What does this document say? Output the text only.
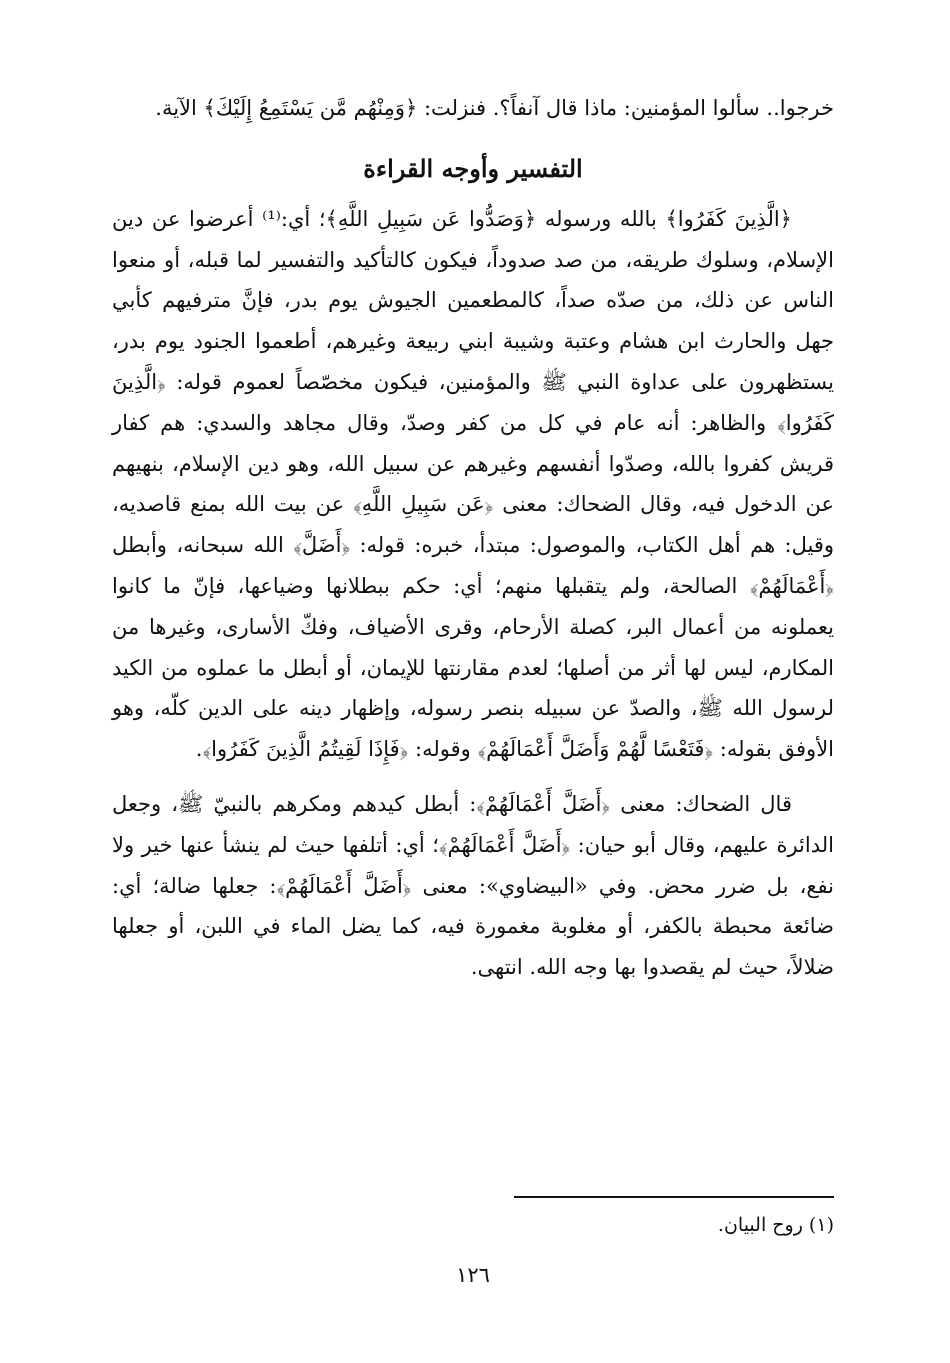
خرجوا.. سألوا المؤمنين: ماذا قال آنفاً؟. فنزلت: ﴿وَمِنْهُم مَّن يَسْتَمِعُ إِلَيْكَ﴾ الآية.

التفسير وأوجه القراءة

﴿الَّذِينَ كَفَرُوا﴾ بالله ورسوله ﴿وَصَدُّوا عَن سَبِيلِ اللَّهِ﴾؛ أي:⁽¹⁾ أعرضوا عن دين الإسلام، وسلوك طريقه، من صد صدوداً، فيكون كالتأكيد والتفسير لما قبله، أو منعوا الناس عن ذلك، من صدّه صداً، كالمطعمين الجيوش يوم بدر، فإنَّ مترفيهم كأبي جهل والحارث ابن هشام وعتبة وشيبة ابني ربيعة وغيرهم، أطعموا الجنود يوم بدر، يستظهرون على عداوة النبي ﷺ والمؤمنين، فيكون مخصّصاً لعموم قوله: ﴿الَّذِينَ كَفَرُوا﴾ والظاهر: أنه عام في كل من كفر وصدّ، وقال مجاهد والسدي: هم كفار قريش كفروا بالله، وصدّوا أنفسهم وغيرهم عن سبيل الله، وهو دين الإسلام، بنهيهم عن الدخول فيه، وقال الضحاك: معنى ﴿عَن سَبِيلِ اللَّهِ﴾ عن بيت الله بمنع قاصديه، وقيل: هم أهل الكتاب، والموصول: مبتدأ، خبره: قوله: ﴿أَضَلَّ﴾ الله سبحانه، وأبطل ﴿أَعْمَالَهُمْ﴾ الصالحة، ولم يتقبلها منهم؛ أي: حكم ببطلانها وضياعها، فإنّ ما كانوا يعملونه من أعمال البر، كصلة الأرحام، وقرى الأضياف، وفكّ الأسارى، وغيرها من المكارم، ليس لها أثر من أصلها؛ لعدم مقارنتها للإيمان، أو أبطل ما عملوه من الكيد لرسول الله ﷺ، والصدّ عن سبيله بنصر رسوله، وإظهار دينه على الدين كلّه، وهو الأوفق بقوله: ﴿فَتَعْسًا لَّهُمْ وَأَضَلَّ أَعْمَالَهُمْ﴾ وقوله: ﴿فَإِذَا لَقِيتُمُ الَّذِينَ كَفَرُوا﴾.

قال الضحاك: معنى ﴿أَضَلَّ أَعْمَالَهُمْ﴾: أبطل كيدهم ومكرهم بالنبيّ ﷺ، وجعل الدائرة عليهم، وقال أبو حيان: ﴿أَضَلَّ أَعْمَالَهُمْ﴾؛ أي: أتلفها حيث لم ينشأ عنها خير ولا نفع، بل ضرر محض. وفي «البيضاوي»: معنى ﴿أَضَلَّ أَعْمَالَهُمْ﴾: جعلها ضالة؛ أي: ضائعة محبطة بالكفر، أو مغلوبة مغمورة فيه، كما يضل الماء في اللبن، أو جعلها ضلالاً، حيث لم يقصدوا بها وجه الله. انتهى.

(١) روح البيان.
١٢٦
